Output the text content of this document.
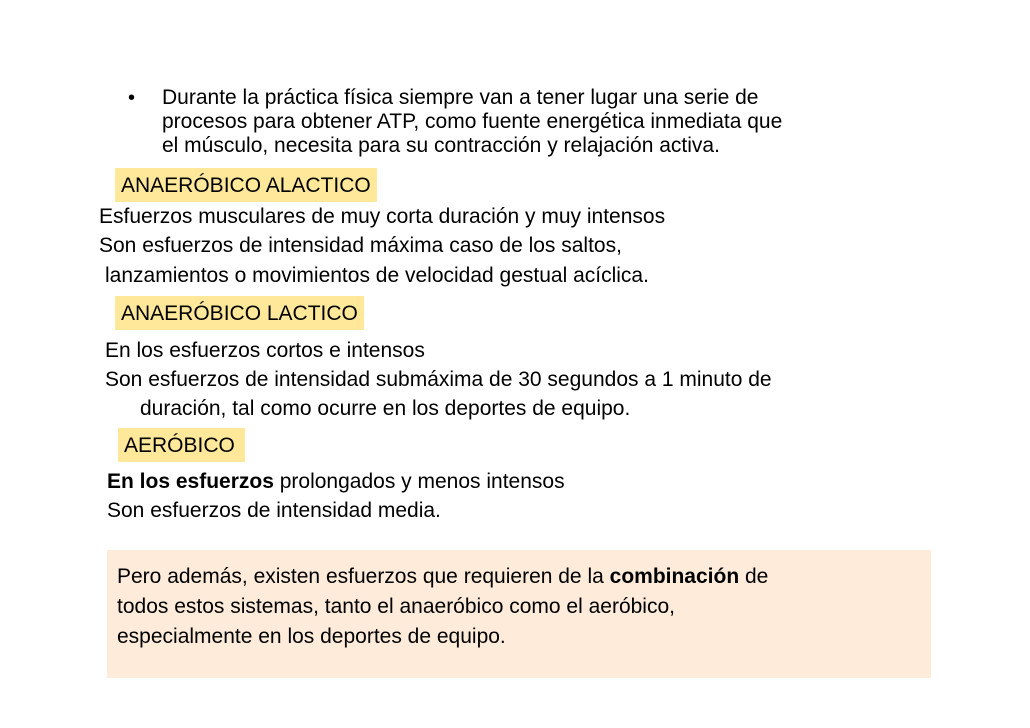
•	Durante la práctica física siempre van a tener lugar una serie de
procesos para obtener ATP, como fuente energética inmediata que
el músculo, necesita para su contracción y relajación activa.
ANAERÓBICO ALACTICO
Esfuerzos musculares de muy corta duración y muy intensos
Son esfuerzos de intensidad máxima caso de los saltos,
lanzamientos o movimientos de velocidad gestual acíclica.
ANAERÓBICO LACTICO
En los esfuerzos cortos e intensos
Son esfuerzos de intensidad submáxima de 30 segundos a 1 minuto de
duración, tal como ocurre en los deportes de equipo.
AERÓBICO
En los esfuerzos prolongados y menos intensos
Son esfuerzos de intensidad media.
Pero además, existen esfuerzos que requieren de la combinación de
todos estos sistemas, tanto el anaeróbico como el aeróbico,
especialmente en los deportes de equipo.
